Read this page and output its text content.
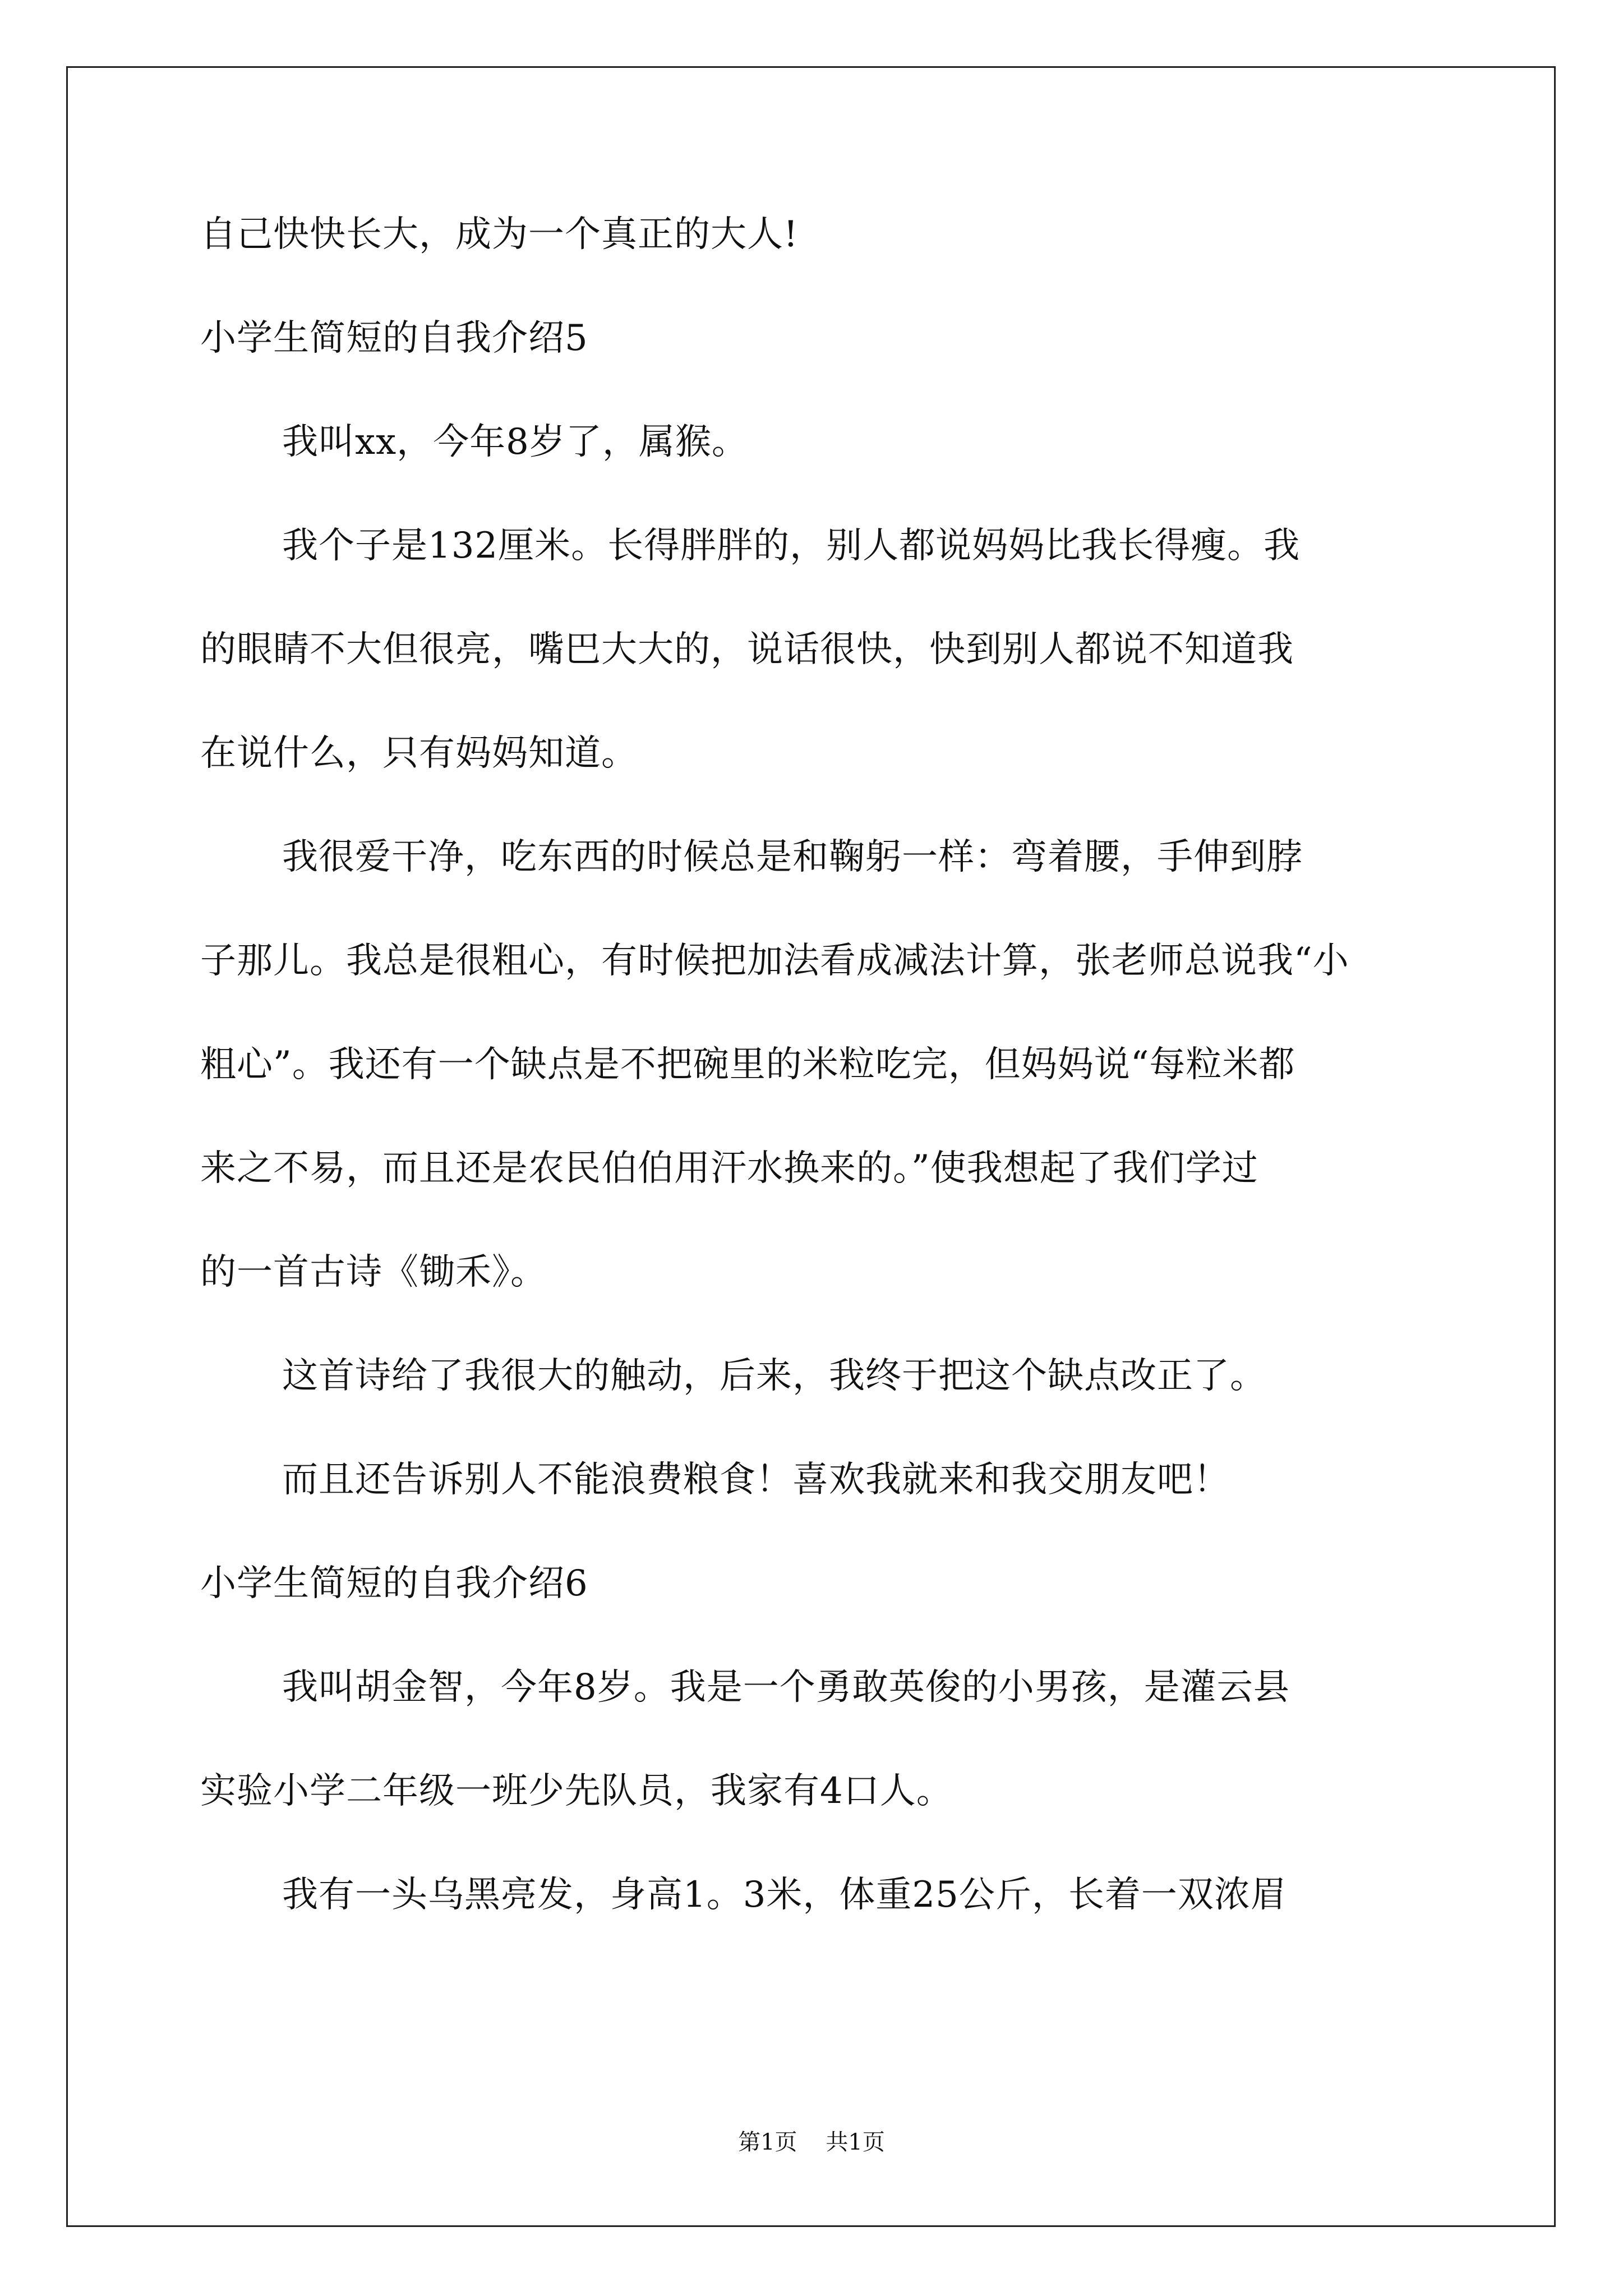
自己快快长大，成为一个真正的大人!
小学生简短的自我介绍5
我叫xx，今年8岁了，属猴。
我个子是132厘米。长得胖胖的，别人都说妈妈比我长得瘦。我
的眼睛不大但很亮，嘴巴大大的，说话很快，快到别人都说不知道我
在说什么，只有妈妈知道。
我很爱干净，吃东西的时候总是和鞠躬一样：弯着腰，手伸到脖
子那儿。我总是很粗心，有时候把加法看成减法计算，张老师总说我“小
粗心”。我还有一个缺点是不把碗里的米粒吃完，但妈妈说“每粒米都
来之不易，而且还是农民伯伯用汗水换来的。”使我想起了我们学过
的一首古诗《锄禾》。
这首诗给了我很大的触动，后来，我终于把这个缺点改正了。
而且还告诉别人不能浪费粮食！喜欢我就来和我交朋友吧！
小学生简短的自我介绍6
我叫胡金智，今年8岁。我是一个勇敢英俊的小男孩，是灌云县
实验小学二年级一班少先队员，我家有4口人。
我有一头乌黑亮发，身高1。3米，体重25公斤，长着一双浓眉
第1页    共1页
